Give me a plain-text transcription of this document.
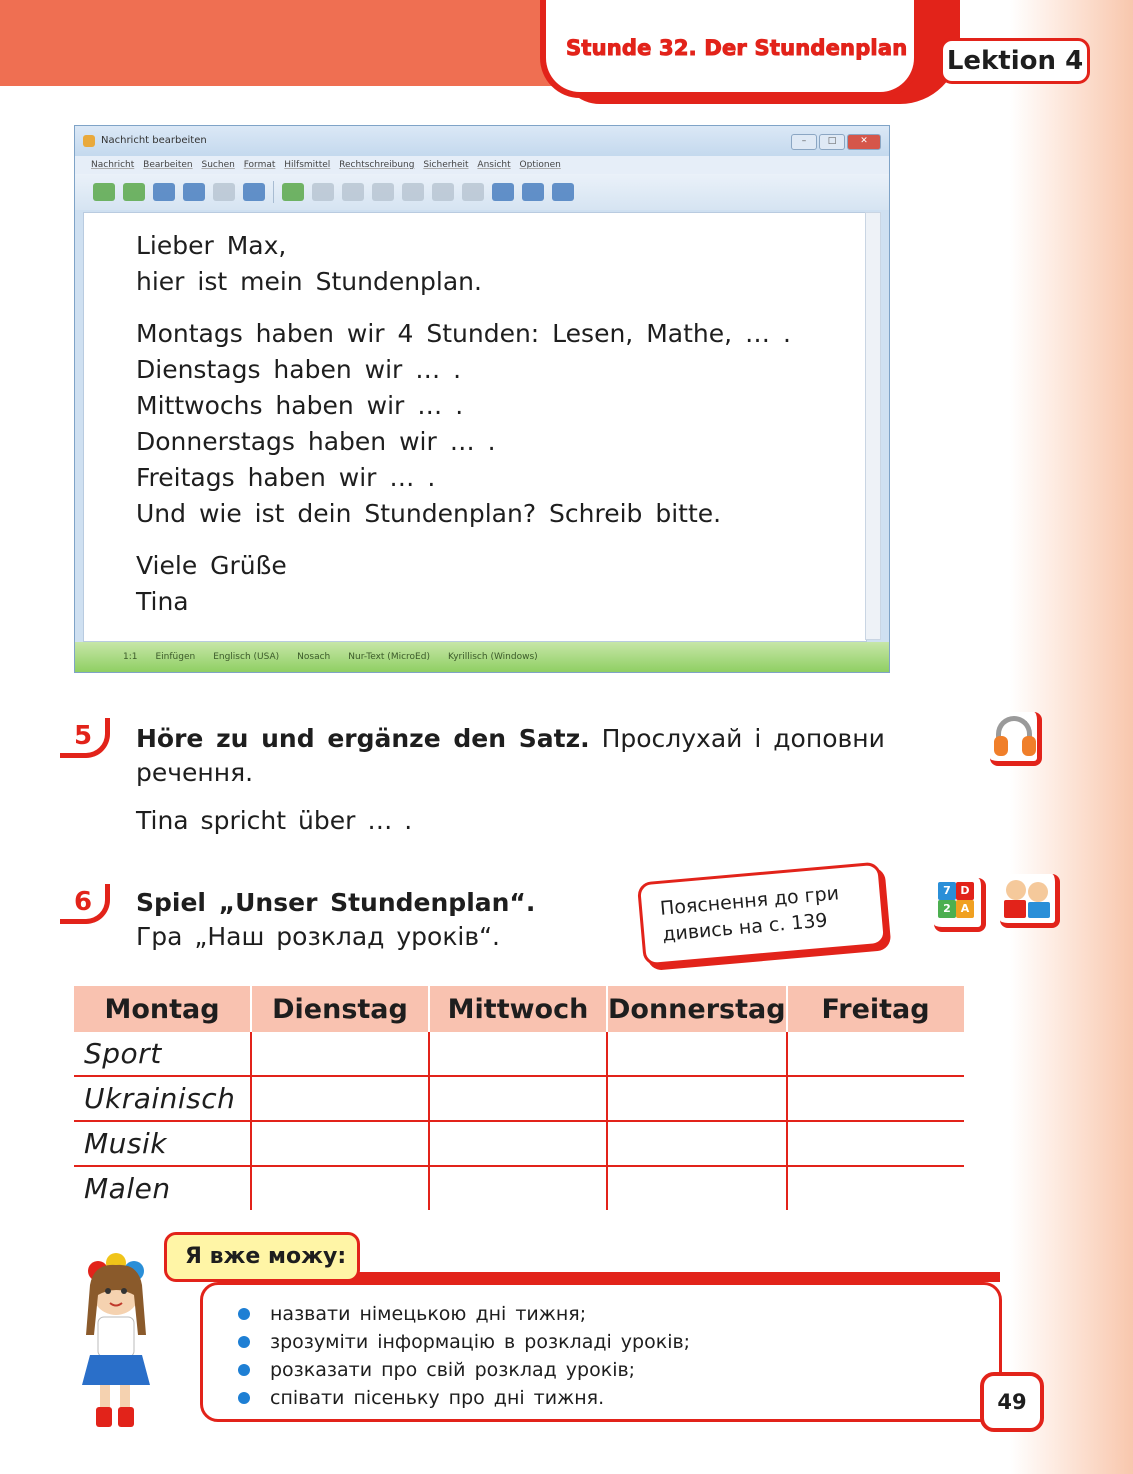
Stunde 32. Der Stundenplan Lektion 4
Nachricht bearbeiten	–	□	✕
Nachricht Bearbeiten Suchen Format Hilfsmittel Rechtschreibung Sicherheit Ansicht Optionen
1:1 Einfügen Englisch (USA) Nosach Nur-Text (MicroEd) Kyrillisch (Windows)
Lieber Max,
hier ist mein Stundenplan.
Montags haben wir 4 Stunden: Lesen, Mathe, … .
Dienstags haben wir … .
Mittwochs haben wir … .
Donnerstags haben wir … .
Freitags haben wir … .
Und wie ist dein Stundenplan? Schreib bitte.
Viele Grüße
Tina
5	Höre zu und ergänze den Satz. Прослухай і доповни речення.
Tina spricht über … .
6	Spiel „Unser Stundenplan“.
Гра „Наш розклад уроків“.
Пояснення до гри дивись на с. 139
7 D
2 A
Montag	Dienstag	Mittwoch	Donnerstag	Freitag
Sport				
Ukrainisch				
Musik				
Malen				
Я вже можу:
назвати німецькою дні тижня;
зрозуміти інформацію в розкладі уроків;
розказати про свій розклад уроків;
співати пісеньку про дні тижня.	49
